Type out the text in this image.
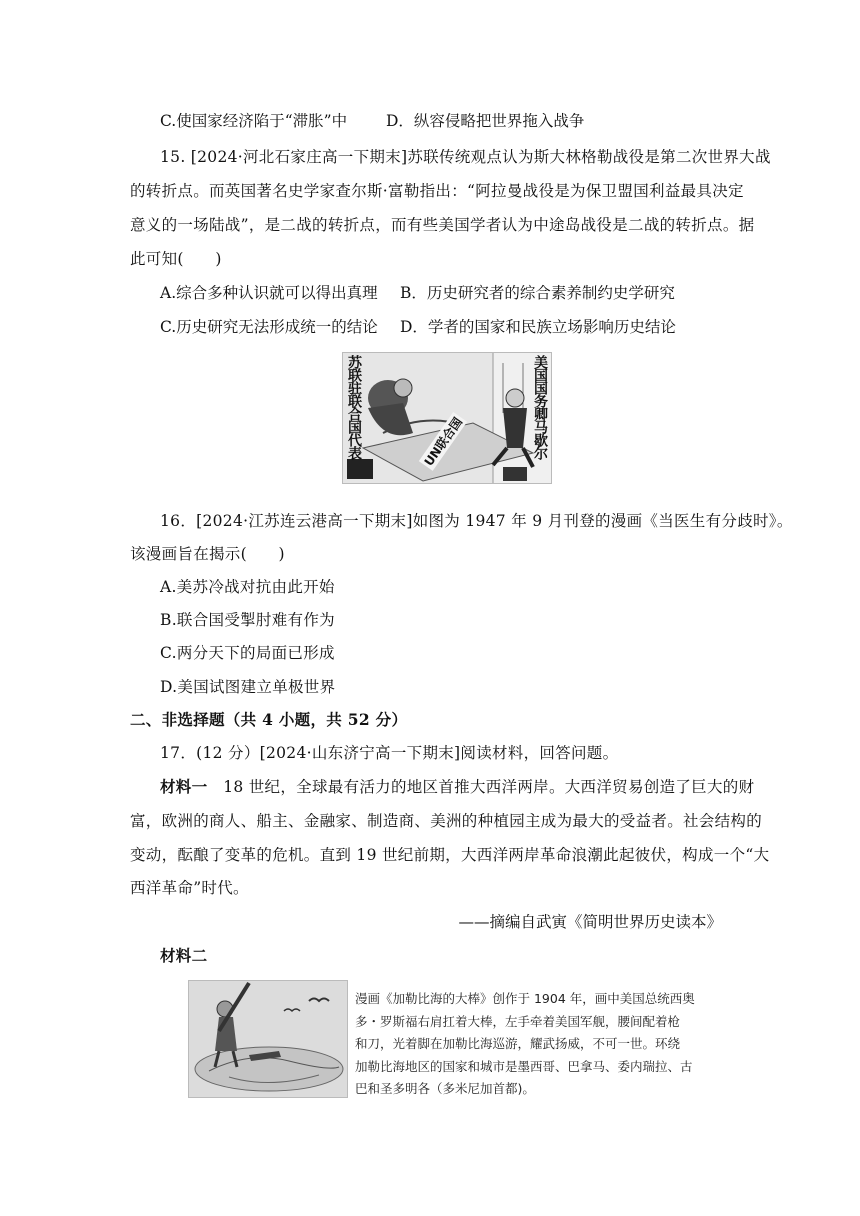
C.使国家经济陷于“滞胀”中	D．纵容侵略把世界拖入战争
15. [2024·河北石家庄高一下期末]苏联传统观点认为斯大林格勒战役是第二次世界大战
的转折点。而英国著名史学家查尔斯·富勒指出：“阿拉曼战役是为保卫盟国利益最具决定
意义的一场陆战”，是二战的转折点，而有些美国学者认为中途岛战役是二战的转折点。据
此可知(　　)
A.综合多种认识就可以得出真理 B．历史研究者的综合素养制约史学研究
C.历史研究无法形成统一的结论 D．学者的国家和民族立场影响历史结论
苏联驻联合国代表	美国国务卿马歇尔
UN联合国
16．[2024·江苏连云港高一下期末]如图为 1947 年 9 月刊登的漫画《当医生有分歧时》。
该漫画旨在揭示(　　)
A.美苏冷战对抗由此开始
B.联合国受掣肘难有作为
C.两分天下的局面已形成
D.美国试图建立单极世界
二、非选择题（共 4 小题，共 52 分）
17．(12 分）[2024·山东济宁高一下期末]阅读材料，回答问题。
材料一　18 世纪，全球最有活力的地区首推大西洋两岸。大西洋贸易创造了巨大的财
富，欧洲的商人、船主、金融家、制造商、美洲的种植园主成为最大的受益者。社会结构的
变动，酝酿了变革的危机。直到 19 世纪前期，大西洋两岸革命浪潮此起彼伏，构成一个“大
西洋革命”时代。
——摘编自武寅《简明世界历史读本》
材料二
漫画《加勒比海的大棒》创作于 1904 年，画中美国总统西奥
多・罗斯福右肩扛着大棒，左手牵着美国军舰，腰间配着枪
和刀，光着脚在加勒比海巡游，耀武扬威，不可一世。环绕
加勒比海地区的国家和城市是墨西哥、巴拿马、委内瑞拉、古
巴和圣多明各（多米尼加首都)。
